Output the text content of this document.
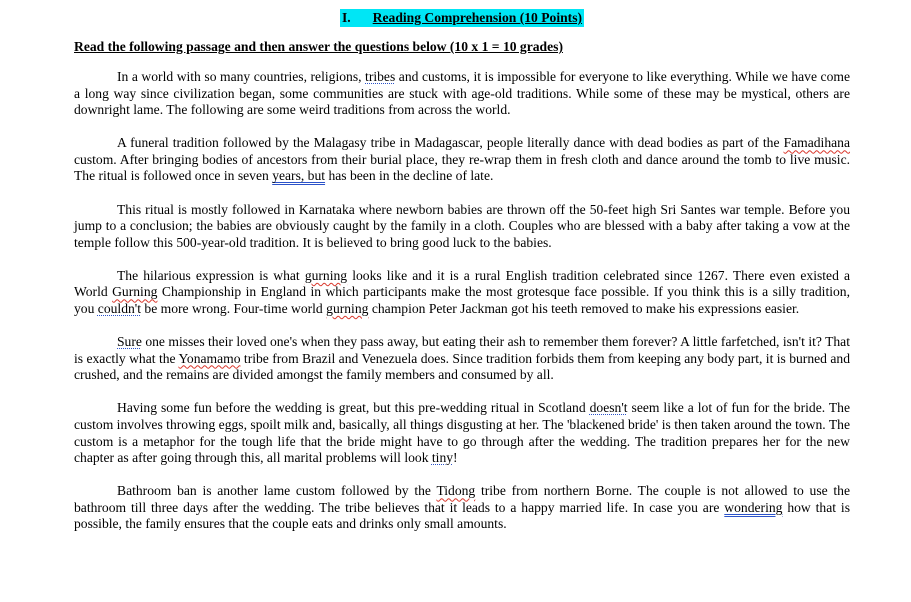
I. Reading Comprehension (10 Points)

Read the following passage and then answer the questions below (10 x 1 = 10 grades)

In a world with so many countries, religions, tribes and customs, it is impossible for everyone to like everything. While we have come a long way since civilization began, some communities are stuck with age-old traditions. While some of these may be mystical, others are downright lame. The following are some weird traditions from across the world.

A funeral tradition followed by the Malagasy tribe in Madagascar, people literally dance with dead bodies as part of the Famadihana custom. After bringing bodies of ancestors from their burial place, they re-wrap them in fresh cloth and dance around the tomb to live music. The ritual is followed once in seven years, but has been in the decline of late.

This ritual is mostly followed in Karnataka where newborn babies are thrown off the 50-feet high Sri Santes war temple. Before you jump to a conclusion; the babies are obviously caught by the family in a cloth. Couples who are blessed with a baby after taking a vow at the temple follow this 500-year-old tradition. It is believed to bring good luck to the babies.

The hilarious expression is what gurning looks like and it is a rural English tradition celebrated since 1267. There even existed a World Gurning Championship in England in which participants make the most grotesque face possible. If you think this is a silly tradition, you couldn't be more wrong. Four-time world gurning champion Peter Jackman got his teeth removed to make his expressions easier.

Sure one misses their loved one's when they pass away, but eating their ash to remember them forever? A little farfetched, isn't it? That is exactly what the Yonamamo tribe from Brazil and Venezuela does. Since tradition forbids them from keeping any body part, it is burned and crushed, and the remains are divided amongst the family members and consumed by all.

Having some fun before the wedding is great, but this pre-wedding ritual in Scotland doesn't seem like a lot of fun for the bride. The custom involves throwing eggs, spoilt milk and, basically, all things disgusting at her. The 'blackened bride' is then taken around the town. The custom is a metaphor for the tough life that the bride might have to go through after the wedding. The tradition prepares her for the new chapter as after going through this, all marital problems will look tiny!

Bathroom ban is another lame custom followed by the Tidong tribe from northern Borne. The couple is not allowed to use the bathroom till three days after the wedding. The tribe believes that it leads to a happy married life. In case you are wondering how that is possible, the family ensures that the couple eats and drinks only small amounts.
